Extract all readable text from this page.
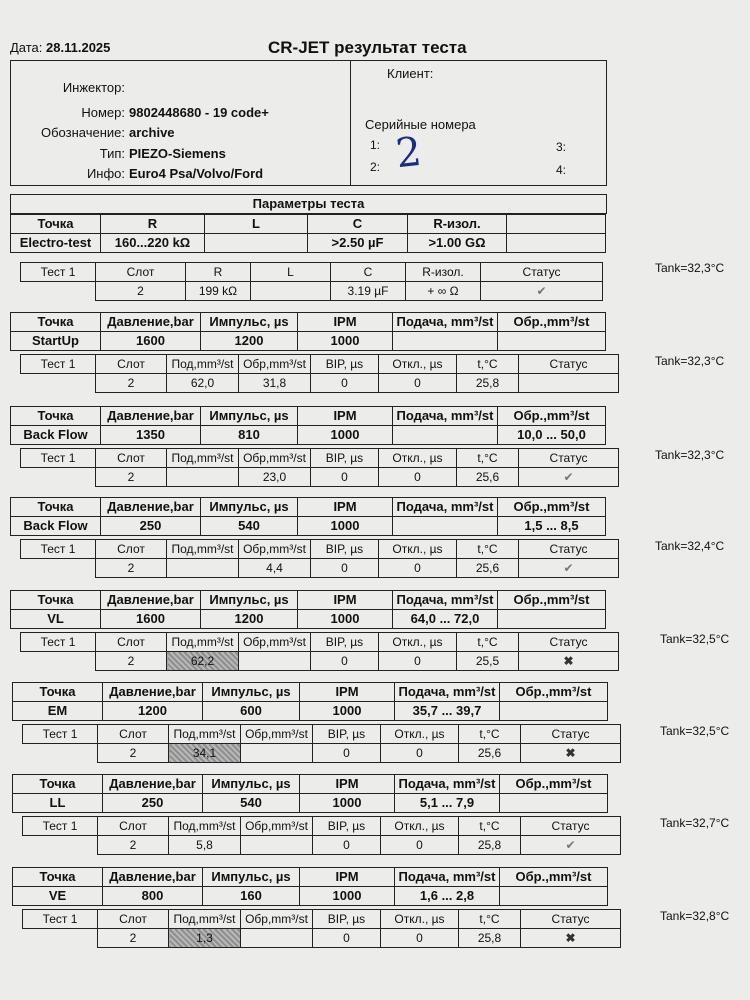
Дата: 28.11.2025	CR-JET результат теста
Инжектор:
Номер: 9802448680 - 19 code+
Обозначение: archive
Тип: PIEZO-Siemens
Инфо: Euro4 Psa/Volvo/Ford
Клиент:
Серийные номера
1:
2:
3:
4:
2
Параметры теста
Точка	R	L	C	R-изол.	
Electro-test	160...220 kΩ		>2.50 µF	>1.00 GΩ	
Тест 1	Слот	R	L	C	R-изол.	Статус
	2	199 kΩ		3.19 µF	+ ∞ Ω	✔
Tank=32,3°C
Точка	Давление,bar	Импульс, µs	IPM	Подача, mm³/st	Обр.,mm³/st
StartUp	1600	1200	1000		
Тест 1	Слот	Под,mm³/st	Обр,mm³/st	BIP, µs	Откл., µs	t,°C	Статус
	2	62,0	31,8	0	0	25,8	
Tank=32,3°C
Точка	Давление,bar	Импульс, µs	IPM	Подача, mm³/st	Обр.,mm³/st
Back Flow	1350	810	1000		10,0 ... 50,0
Тест 1	Слот	Под,mm³/st	Обр,mm³/st	BIP, µs	Откл., µs	t,°C	Статус
	2		23,0	0	0	25,6	✔
Tank=32,3°C
Точка	Давление,bar	Импульс, µs	IPM	Подача, mm³/st	Обр.,mm³/st
Back Flow	250	540	1000		1,5 ... 8,5
Тест 1	Слот	Под,mm³/st	Обр,mm³/st	BIP, µs	Откл., µs	t,°C	Статус
	2		4,4	0	0	25,6	✔
Tank=32,4°C
Точка	Давление,bar	Импульс, µs	IPM	Подача, mm³/st	Обр.,mm³/st
VL	1600	1200	1000	64,0 ... 72,0	
Тест 1	Слот	Под,mm³/st	Обр,mm³/st	BIP, µs	Откл., µs	t,°C	Статус
	2	62,2		0	0	25,5	✖
Tank=32,5°C
Точка	Давление,bar	Импульс, µs	IPM	Подача, mm³/st	Обр.,mm³/st
EM	1200	600	1000	35,7 ... 39,7	
Тест 1	Слот	Под,mm³/st	Обр,mm³/st	BIP, µs	Откл., µs	t,°C	Статус
	2	34,1		0	0	25,6	✖
Tank=32,5°C
Точка	Давление,bar	Импульс, µs	IPM	Подача, mm³/st	Обр.,mm³/st
LL	250	540	1000	5,1 ... 7,9	
Тест 1	Слот	Под,mm³/st	Обр,mm³/st	BIP, µs	Откл., µs	t,°C	Статус
	2	5,8		0	0	25,8	✔
Tank=32,7°C
Точка	Давление,bar	Импульс, µs	IPM	Подача, mm³/st	Обр.,mm³/st
VE	800	160	1000	1,6 ... 2,8	
Тест 1	Слот	Под,mm³/st	Обр,mm³/st	BIP, µs	Откл., µs	t,°C	Статус
	2	1,3		0	0	25,8	✖
Tank=32,8°C
